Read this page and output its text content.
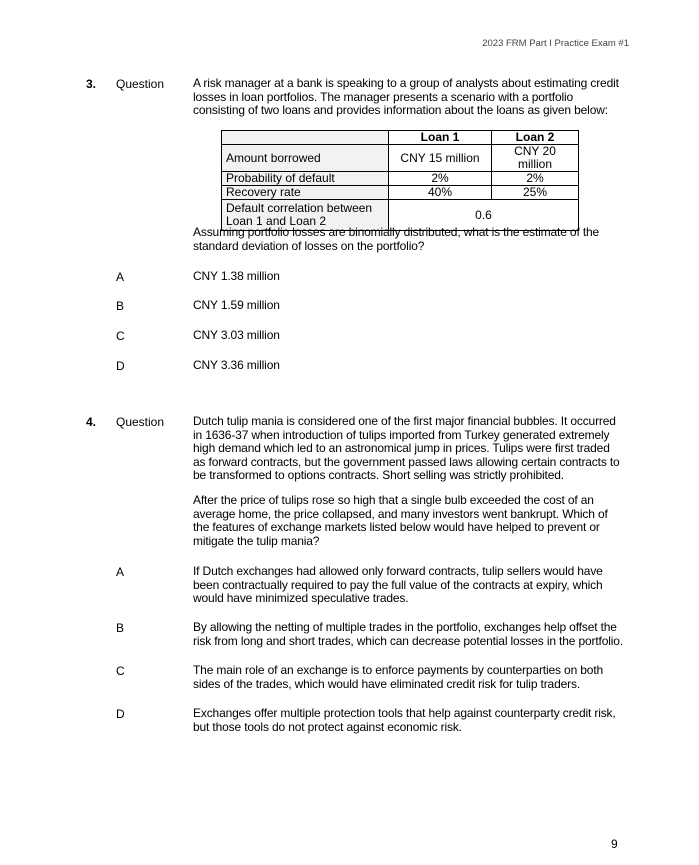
2023 FRM Part I Practice Exam #1
3. Question A risk manager at a bank is speaking to a group of analysts about estimating credit losses in loan portfolios. The manager presents a scenario with a portfolio consisting of two loans and provides information about the loans as given below:
	Loan 1	Loan 2
Amount borrowed	CNY 15 million	CNY 20 million
Probability of default	2%	2%
Recovery rate	40%	25%

Default correlation between
Loan 1 and Loan 2	0.6	
Assuming portfolio losses are binomially distributed, what is the estimate of the standard deviation of losses on the portfolio?
A	CNY 1.38 million
B	CNY 1.59 million
C	CNY 3.03 million
D	CNY 3.36 million
4. Question Dutch tulip mania is considered one of the first major financial bubbles. It occurred in 1636-37 when introduction of tulips imported from Turkey generated extremely high demand which led to an astronomical jump in prices. Tulips were first traded as forward contracts, but the government passed laws allowing certain contracts to be transformed to options contracts. Short selling was strictly prohibited.
After the price of tulips rose so high that a single bulb exceeded the cost of an average home, the price collapsed, and many investors went bankrupt. Which of the features of exchange markets listed below would have helped to prevent or mitigate the tulip mania?
A	If Dutch exchanges had allowed only forward contracts, tulip sellers would have been contractually required to pay the full value of the contracts at expiry, which would have minimized speculative trades.
B	By allowing the netting of multiple trades in the portfolio, exchanges help offset the risk from long and short trades, which can decrease potential losses in the portfolio.
C	The main role of an exchange is to enforce payments by counterparties on both sides of the trades, which would have eliminated credit risk for tulip traders.
D	Exchanges offer multiple protection tools that help against counterparty credit risk, but those tools do not protect against economic risk.
9
